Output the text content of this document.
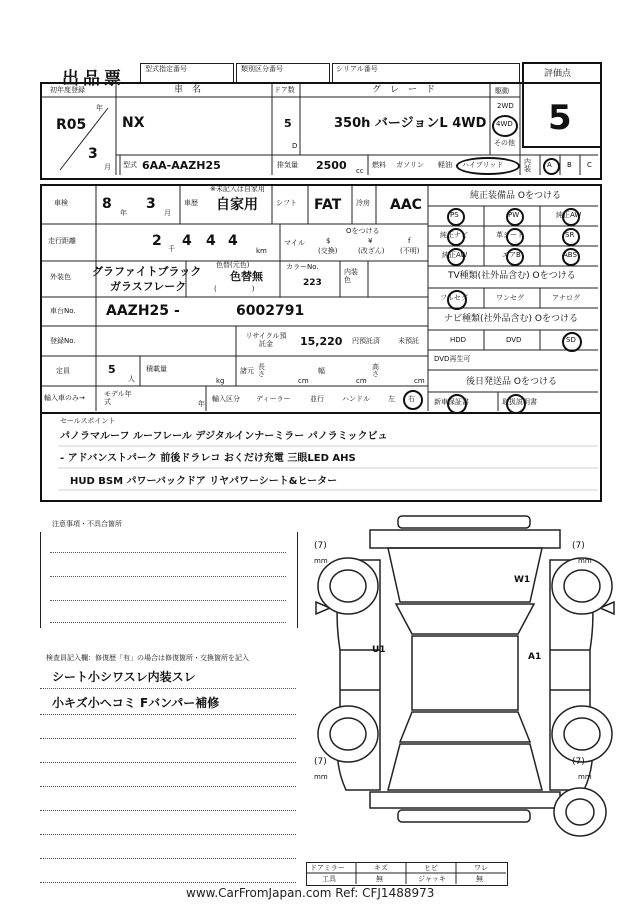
出品票	型式指定番号	類別区分番号	シリアル番号	評価点
5
初年度登録
R05
年
3
月
車　名
NX
ドア数
5
D
グ　レ　ー　ド
350h バージョンL 4WD
駆動
2WD
4WD
その他
型式 6AA-AAZH25	排気量 2500 cc
燃料 ガソリン 軽油 ハイブリッド	内装	A B C
車検 8
年
3
月
※未記入は自家用
車歴 自家用	シフト FAT 冷房 AAC
走行距離	2 千 4 4 4
km
マイル
Oをつける
$
(交換)
¥
(改ざん)
f
(不明)
外装色 グラファイトブラック
ガラスフレーク
色替(元色)
色替無
(　　　　　)
カラーNo.
223
内装色
車台No. AAZH25 -	6002791
登録No.
リサイクル預託金	15,220 円預託済	未預託
定員	5
人
積載量
kg
諸元 長さ
cm
幅
cm
高さ
cm
輸入車のみ→	モデル年式	年
輸入区分 ディーラー	並行	ハンドル	左 右
純正装備品 Oをつける
PS	PW	純正AW
純正ナビ	革シート	SR
純正AW	エアB	ABS
TV種類(社外品含む) Oをつける
フルセグ	ワンセグ	アナログ
ナビ種類(社外品含む) Oをつける
HDD	DVD	SD
DVD再生可
後日発送品 Oをつける
新車保証書	取扱説明書
セールスポイント
パノラマルーフ ルーフレール デジタルインナーミラー パノラミックビュ
- アドバンストパーク 前後ドラレコ おくだけ充電 三眼LED AHS
HUD BSM パワーバックドア リヤパワーシート&ヒーター
注意事項・不具合箇所
検査員記入欄：修復歴「有」の場合は修復箇所・交換箇所を記入
シート小シワスレ内装スレ
小キズ小ヘコミ Fバンパー補修
(7)
mm
(7)
mm
(7)
mm
(7)
mm
W1
U1
A1
ドアミラー	キズ	ヒビ	ワレ
工具	無	ジャッキ	無
www.CarFromJapan.com Ref: CFJ1488973
